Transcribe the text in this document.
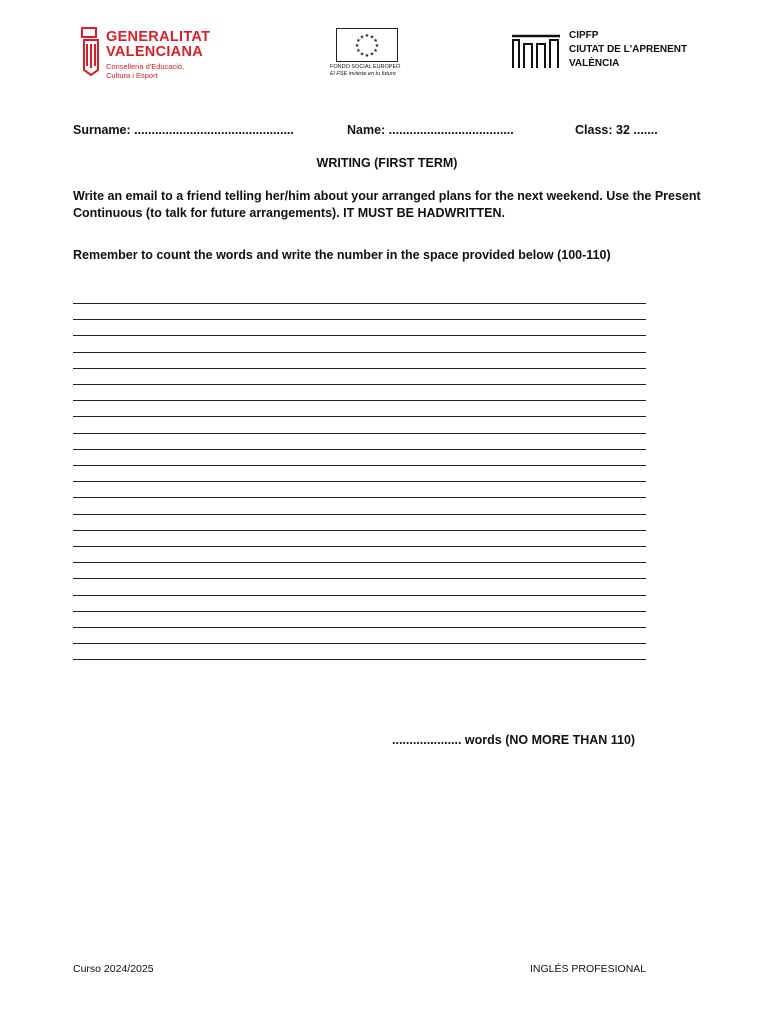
GENERALITAT
VALENCIANA
Conselleria d'Educació,
Cultura i Esport
★ ★
★
★
★
★
★
★
★
★
★
★
FONDO SOCIAL EUROPEO
El FSE invierte en tu futuro
CIPFP
CIUTAT DE L'APRENENT
VALÈNCIA
Surname: ..............................................	Name: ....................................	Class: 32 .......
WRITING (FIRST TERM)
Write an email to a friend telling her/him about your arranged plans for the next weekend. Use the Present Continuous (to talk for future arrangements). IT MUST BE HADWRITTEN.
Remember to count the words and write the number in the space provided below (100-110)
.................... words (NO MORE THAN 110)
Curso 2024/2025	INGLÉS PROFESIONAL
